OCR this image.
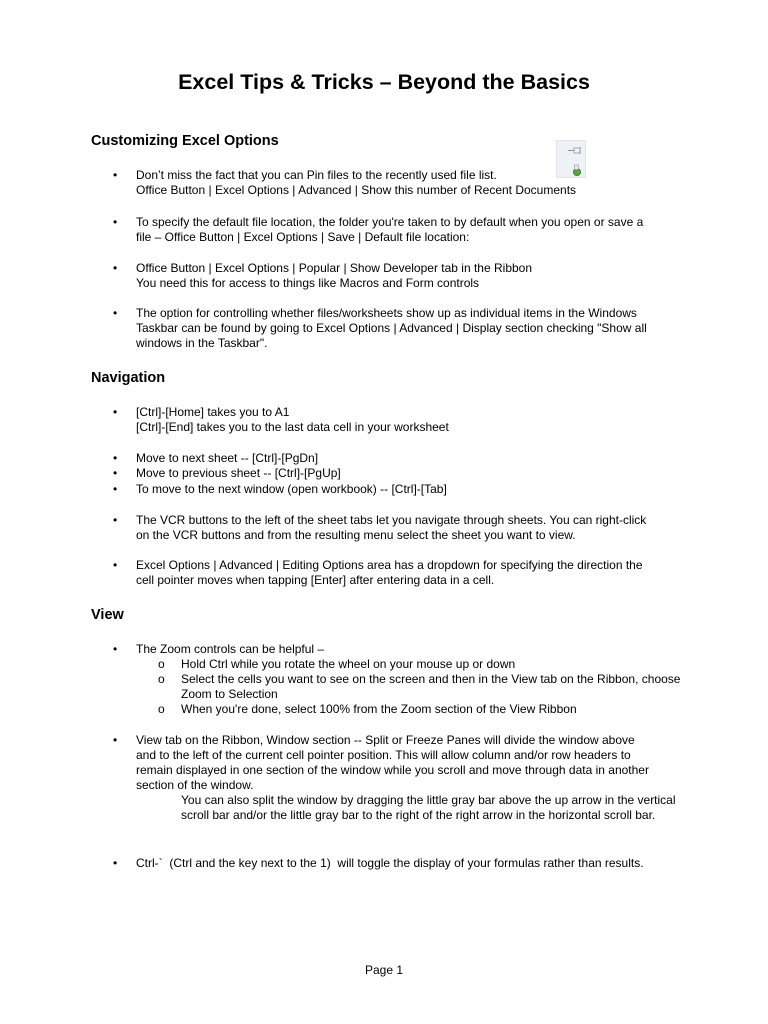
Excel Tips & Tricks – Beyond the Basics
Customizing Excel Options
•	Don’t miss the fact that you can Pin files to the recently used file list.
Office Button | Excel Options | Advanced | Show this number of Recent Documents
•	To specify the default file location, the folder you're taken to by default when you open or save a
file – Office Button | Excel Options | Save | Default file location:
•	Office Button | Excel Options | Popular | Show Developer tab in the Ribbon
You need this for access to things like Macros and Form controls
•	The option for controlling whether files/worksheets show up as individual items in the Windows
Taskbar can be found by going to Excel Options | Advanced | Display section checking "Show all
windows in the Taskbar".
Navigation
•	[Ctrl]-[Home] takes you to A1
[Ctrl]-[End] takes you to the last data cell in your worksheet
•	Move to next sheet -- [Ctrl]-[PgDn]
•	Move to previous sheet -- [Ctrl]-[PgUp]
•	To move to the next window (open workbook) -- [Ctrl]-[Tab]
•	The VCR buttons to the left of the sheet tabs let you navigate through sheets. You can right-click
on the VCR buttons and from the resulting menu select the sheet you want to view.
•	Excel Options | Advanced | Editing Options area has a dropdown for specifying the direction the
cell pointer moves when tapping [Enter] after entering data in a cell.
View
•	The Zoom controls can be helpful –
o Hold Ctrl while you rotate the wheel on your mouse up or down
o Select the cells you want to see on the screen and then in the View tab on the Ribbon, choose Zoom to Selection
o When you're done, select 100% from the Zoom section of the View Ribbon
•	View tab on the Ribbon, Window section -- Split or Freeze Panes will divide the window above
and to the left of the current cell pointer position. This will allow column and/or row headers to
remain displayed in one section of the window while you scroll and move through data in another
section of the window.
You can also split the window by dragging the little gray bar above the up arrow in the vertical scroll bar and/or the little gray bar to the right of the right arrow in the horizontal scroll bar.
•	Ctrl-`  (Ctrl and the key next to the 1)  will toggle the display of your formulas rather than results.
Page 1
